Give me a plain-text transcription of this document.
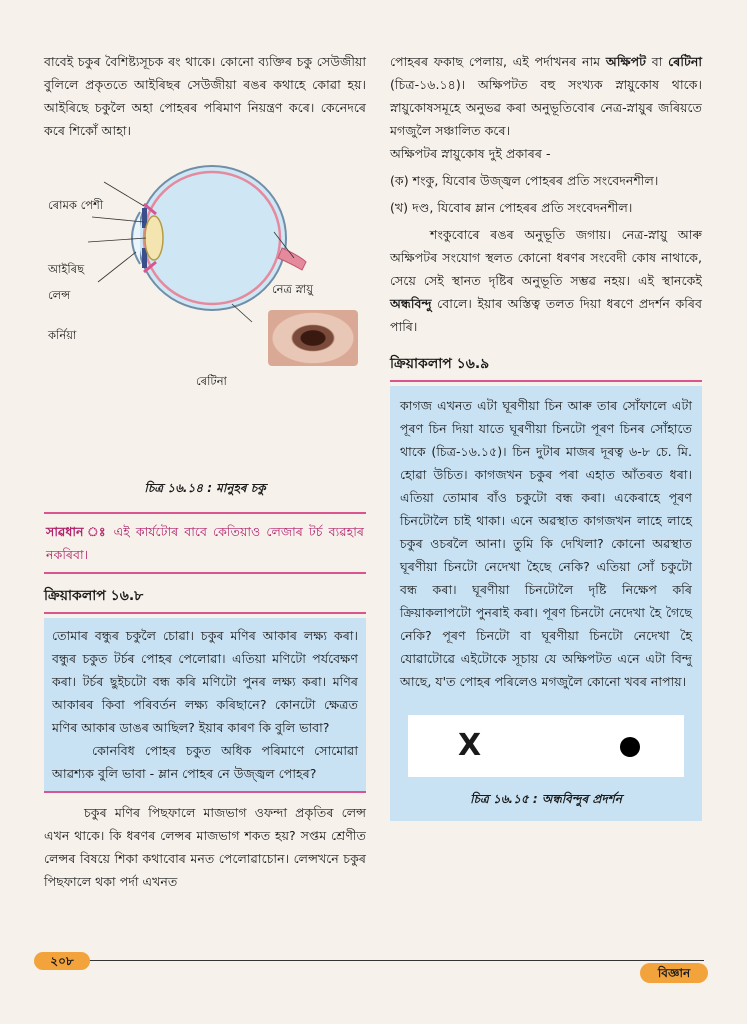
বাবেই চকুৰ বৈশিষ্ট্যসূচক ৰং থাকে। কোনো ব্যক্তিৰ চকু সেউজীয়া বুলিলে প্ৰকৃততে আইৰিছৰ সেউজীয়া ৰঙৰ কথাহে কোৱা হয়। আইৰিছে চকুলৈ অহা পোহৰৰ পৰিমাণ নিয়ন্ত্ৰণ কৰে। কেনেদৰে কৰে শিকোঁ আহা।

ৰোমক পেশী
আইৰিছ
লেন্স
কৰ্নিয়া
নেত্ৰ স্নায়ু
ৰেটিনা
চিত্ৰ ১৬.১৪ : মানুহৰ চকু

সাৱধান ঃ এই কাৰ্যটোৰ বাবে কেতিয়াও লেজাৰ টৰ্চ ব্যৱহাৰ নকৰিবা।

ক্ৰিয়াকলাপ ১৬.৮

তোমাৰ বন্ধুৰ চকুলৈ চোৱা। চকুৰ মণিৰ আকাৰ লক্ষ্য কৰা। বন্ধুৰ চকুত টৰ্চৰ পোহৰ পেলোৱা। এতিয়া মণিটো পৰ্যবেক্ষণ কৰা। টৰ্চৰ ছুইচটো বন্ধ কৰি মণিটো পুনৰ লক্ষ্য কৰা। মণিৰ আকাৰৰ কিবা পৰিবৰ্তন লক্ষ্য কৰিছানে? কোনটো ক্ষেত্ৰত মণিৰ আকাৰ ডাঙৰ আছিল? ইয়াৰ কাৰণ কি বুলি ভাবা?

কোনবিধ পোহৰ চকুত অধিক পৰিমাণে সোমোৱা আৱশ্যক বুলি ভাবা - ম্লান পোহৰ নে উজ্জ্বল পোহৰ?

চকুৰ মণিৰ পিছফালে মাজভাগ ওফন্দা প্ৰকৃতিৰ লেন্স এখন থাকে। কি ধৰণৰ লেন্সৰ মাজভাগ শকত হয়? সপ্তম শ্ৰেণীত লেন্সৰ বিষয়ে শিকা কথাবোৰ মনত পেলোৱাচোন। লেন্সখনে চকুৰ পিছফালে থকা পৰ্দা এখনত

পোহৰৰ ফকাছ পেলায়, এই পৰ্দাখনৰ নাম অক্ষিপট বা ৰেটিনা (চিত্ৰ-১৬.১৪)। অক্ষিপটত বহু সংখ্যক স্নায়ুকোষ থাকে। স্নায়ুকোষসমূহে অনুভৱ কৰা অনুভূতিবোৰ নেত্ৰ-স্নায়ুৰ জৰিয়তে মগজুলৈ সঞ্চালিত কৰে।

অক্ষিপটৰ স্নায়ুকোষ দুই প্ৰকাৰৰ -

(ক) শংকু, যিবোৰ উজ্জ্বল পোহৰৰ প্ৰতি সংবেদনশীল।

(খ) দণ্ড, যিবোৰ ম্লান পোহৰৰ প্ৰতি সংবেদনশীল।

শংকুবোৰে ৰঙৰ অনুভূতি জগায়। নেত্ৰ-স্নায়ু আৰু অক্ষিপটৰ সংযোগ স্থলত কোনো ধৰণৰ সংবেদী কোষ নাথাকে, সেয়ে সেই স্থানত দৃষ্টিৰ অনুভূতি সম্ভৱ নহয়। এই স্থানকেই অন্ধবিন্দু বোলে। ইয়াৰ অস্তিত্ব তলত দিয়া ধৰণে প্ৰদৰ্শন কৰিব পাৰি।

ক্ৰিয়াকলাপ ১৬.৯

কাগজ এখনত এটা ঘূৰণীয়া চিন আৰু তাৰ সোঁফালে এটা পূৰণ চিন দিয়া যাতে ঘূৰণীয়া চিনটো পূৰণ চিনৰ সোঁহাতে থাকে (চিত্ৰ-১৬.১৫)। চিন দুটাৰ মাজৰ দূৰত্ব ৬-৮ চে. মি. হোৱা উচিত। কাগজখন চকুৰ পৰা এহাত আঁতৰত ধৰা। এতিয়া তোমাৰ বাঁও চকুটো বন্ধ কৰা। একেৰাহে পূৰণ চিনটোলৈ চাই থাকা। এনে অৱস্থাত কাগজখন লাহে লাহে চকুৰ ওচৰলৈ আনা। তুমি কি দেখিলা? কোনো অৱস্থাত ঘূৰণীয়া চিনটো নেদেখা হৈছে নেকি? এতিয়া সোঁ চকুটো বন্ধ কৰা। ঘূৰণীয়া চিনটোলৈ দৃষ্টি নিক্ষেপ কৰি ক্ৰিয়াকলাপটো পুনৰাই কৰা। পূৰণ চিনটো নেদেখা হৈ গৈছে নেকি? পূৰণ চিনটো বা ঘূৰণীয়া চিনটো নেদেখা হৈ যোৱাটোৱে এইটোকে সূচায় যে অক্ষিপটত এনে এটা বিন্দু আছে, য'ত পোহৰ পৰিলেও মগজুলৈ কোনো খবৰ নাপায়।

X
চিত্ৰ ১৬.১৫ : অন্ধবিন্দুৰ প্ৰদৰ্শন
২০৮
বিজ্ঞান
